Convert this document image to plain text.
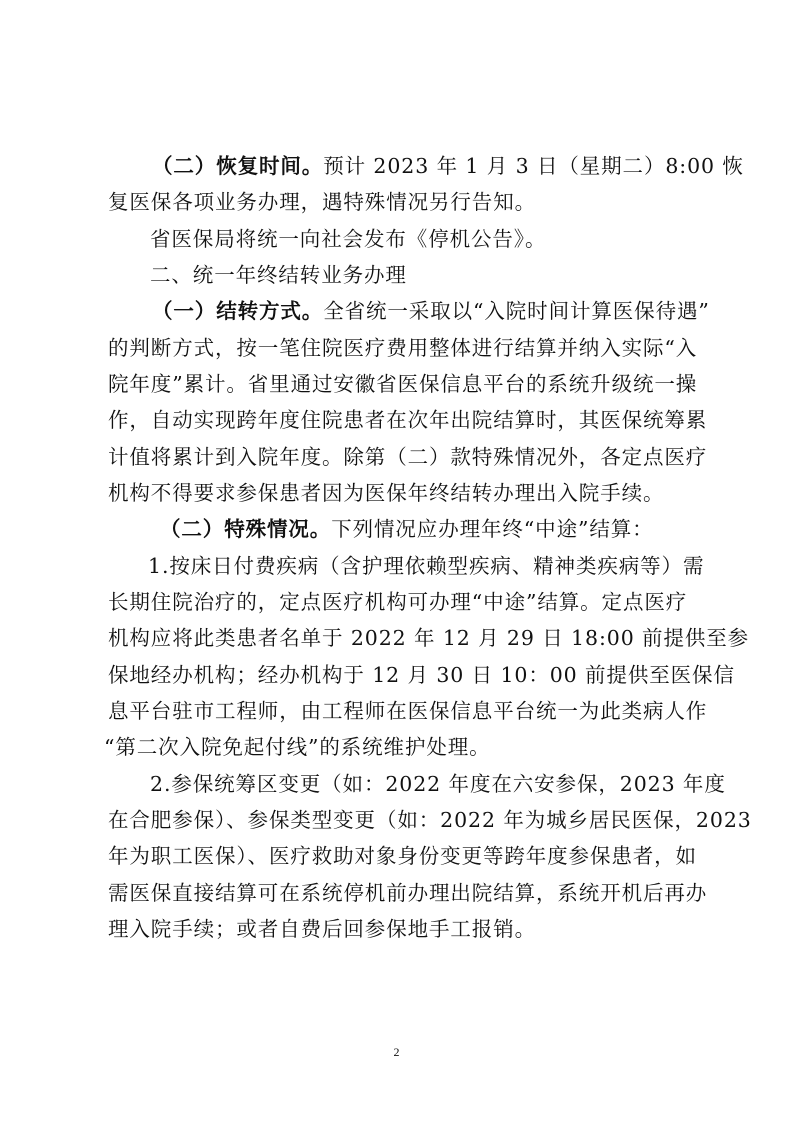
（二）恢复时间。预计 2023 年 1 月 3 日（星期二）8:00 恢
复医保各项业务办理，遇特殊情况另行告知。
省医保局将统一向社会发布《停机公告》。
二、统一年终结转业务办理
（一）结转方式。全省统一采取以“入院时间计算医保待遇”
的判断方式，按一笔住院医疗费用整体进行结算并纳入实际“入
院年度”累计。省里通过安徽省医保信息平台的系统升级统一操
作，自动实现跨年度住院患者在次年出院结算时，其医保统筹累
计值将累计到入院年度。除第（二）款特殊情况外，各定点医疗
机构不得要求参保患者因为医保年终结转办理出入院手续。
（二）特殊情况。下列情况应办理年终“中途”结算：
1.按床日付费疾病（含护理依赖型疾病、精神类疾病等）需
长期住院治疗的，定点医疗机构可办理“中途”结算。定点医疗
机构应将此类患者名单于 2022 年 12 月 29 日 18:00 前提供至参
保地经办机构；经办机构于 12 月 30 日 10：00 前提供至医保信
息平台驻市工程师，由工程师在医保信息平台统一为此类病人作
“第二次入院免起付线”的系统维护处理。
2.参保统筹区变更（如：2022 年度在六安参保，2023 年度
在合肥参保）、参保类型变更（如：2022 年为城乡居民医保，2023
年为职工医保）、医疗救助对象身份变更等跨年度参保患者，如
需医保直接结算可在系统停机前办理出院结算，系统开机后再办
理入院手续；或者自费后回参保地手工报销。
2
